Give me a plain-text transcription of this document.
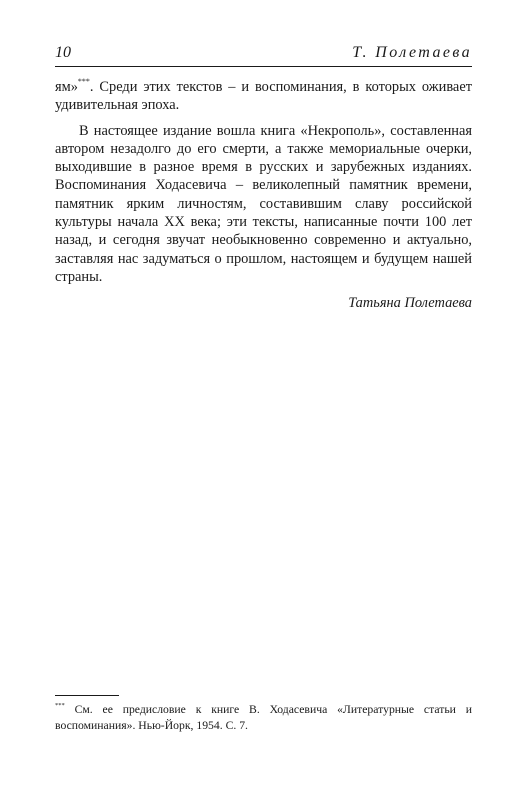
10	Т. Полетаева

ям»***. Среди этих текстов – и воспоминания, в которых оживает удивительная эпоха.

В настоящее издание вошла книга «Некрополь», составленная автором незадолго до его смерти, а также мемориальные очерки, выходившие в разное время в русских и зарубежных изданиях. Воспоминания Ходасевича – великолепный памятник времени, памятник ярким личностям, составившим славу российской культуры начала XX века; эти тексты, написанные почти 100 лет назад, и сегодня звучат необыкновенно современно и актуально, заставляя нас задуматься о прошлом, настоящем и будущем нашей страны.

Татьяна Полетаева

*** См. ее предисловие к книге В. Ходасевича «Литературные статьи и воспоминания». Нью-Йорк, 1954. С. 7.
